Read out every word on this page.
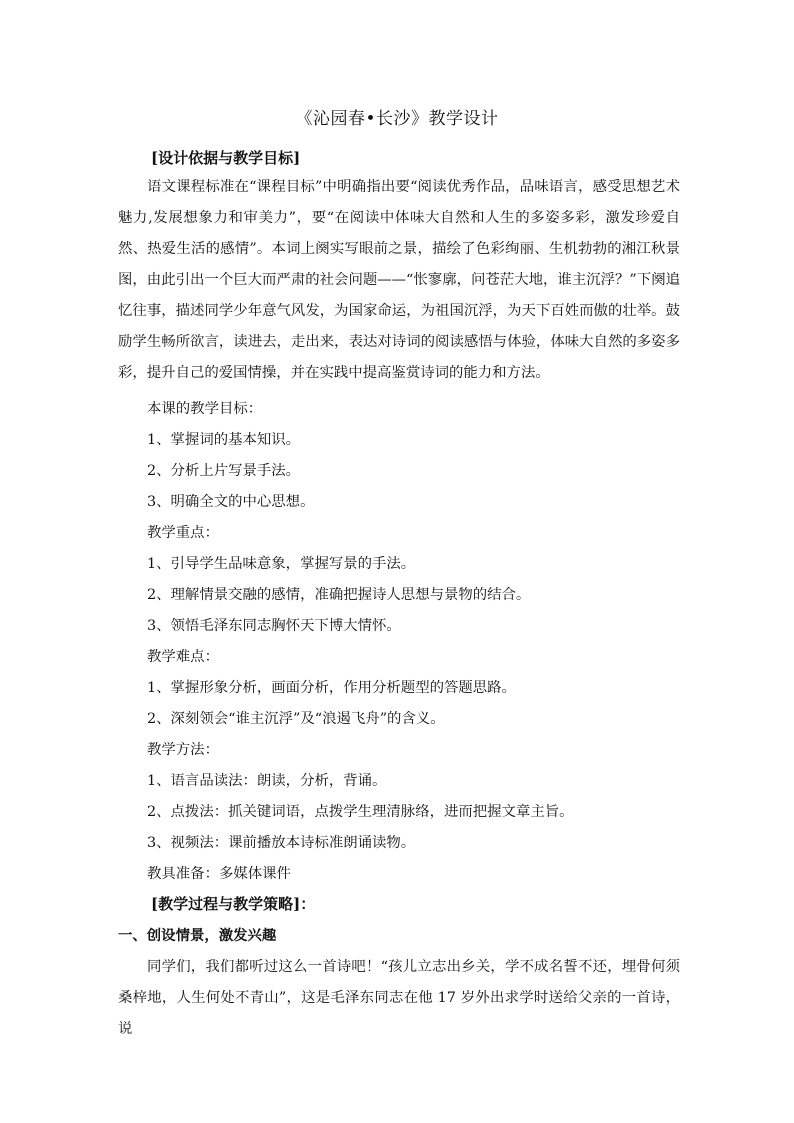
《沁园春•长沙》教学设计
[设计依据与教学目标]

语文课程标准在“课程目标”中明确指出要“阅读优秀作品，品味语言，感受思想艺术魅力,发展想象力和审美力”，要“在阅读中体味大自然和人生的多姿多彩，激发珍爱自然、热爱生活的感情”。本词上阕实写眼前之景，描绘了色彩绚丽、生机勃勃的湘江秋景图，由此引出一个巨大而严肃的社会问题——“怅寥廓，问苍茫大地，谁主沉浮？”下阕追忆往事，描述同学少年意气风发，为国家命运，为祖国沉浮，为天下百姓而傲的壮举。鼓励学生畅所欲言，读进去，走出来，表达对诗词的阅读感悟与体验，体味大自然的多姿多彩，提升自己的爱国情操，并在实践中提高鉴赏诗词的能力和方法。

本课的教学目标：
1、掌握词的基本知识。
2、分析上片写景手法。
3、明确全文的中心思想。
教学重点：
1、引导学生品味意象，掌握写景的手法。
2、理解情景交融的感情，准确把握诗人思想与景物的结合。
3、领悟毛泽东同志胸怀天下博大情怀。
教学难点：
1、掌握形象分析，画面分析，作用分析题型的答题思路。
2、深刻领会“谁主沉浮”及“浪遏飞舟”的含义。
教学方法：
1、语言品读法：朗读，分析，背诵。
2、点拨法：抓关键词语，点拨学生理清脉络，进而把握文章主旨。
3、视频法：课前播放本诗标准朗诵读物。
教具准备：多媒体课件
[教学过程与教学策略]：
一、创设情景，激发兴趣

同学们，我们都听过这么一首诗吧！“孩儿立志出乡关，学不成名誓不还，埋骨何须桑梓地，人生何处不青山”，这是毛泽东同志在他 17 岁外出求学时送给父亲的一首诗，说
